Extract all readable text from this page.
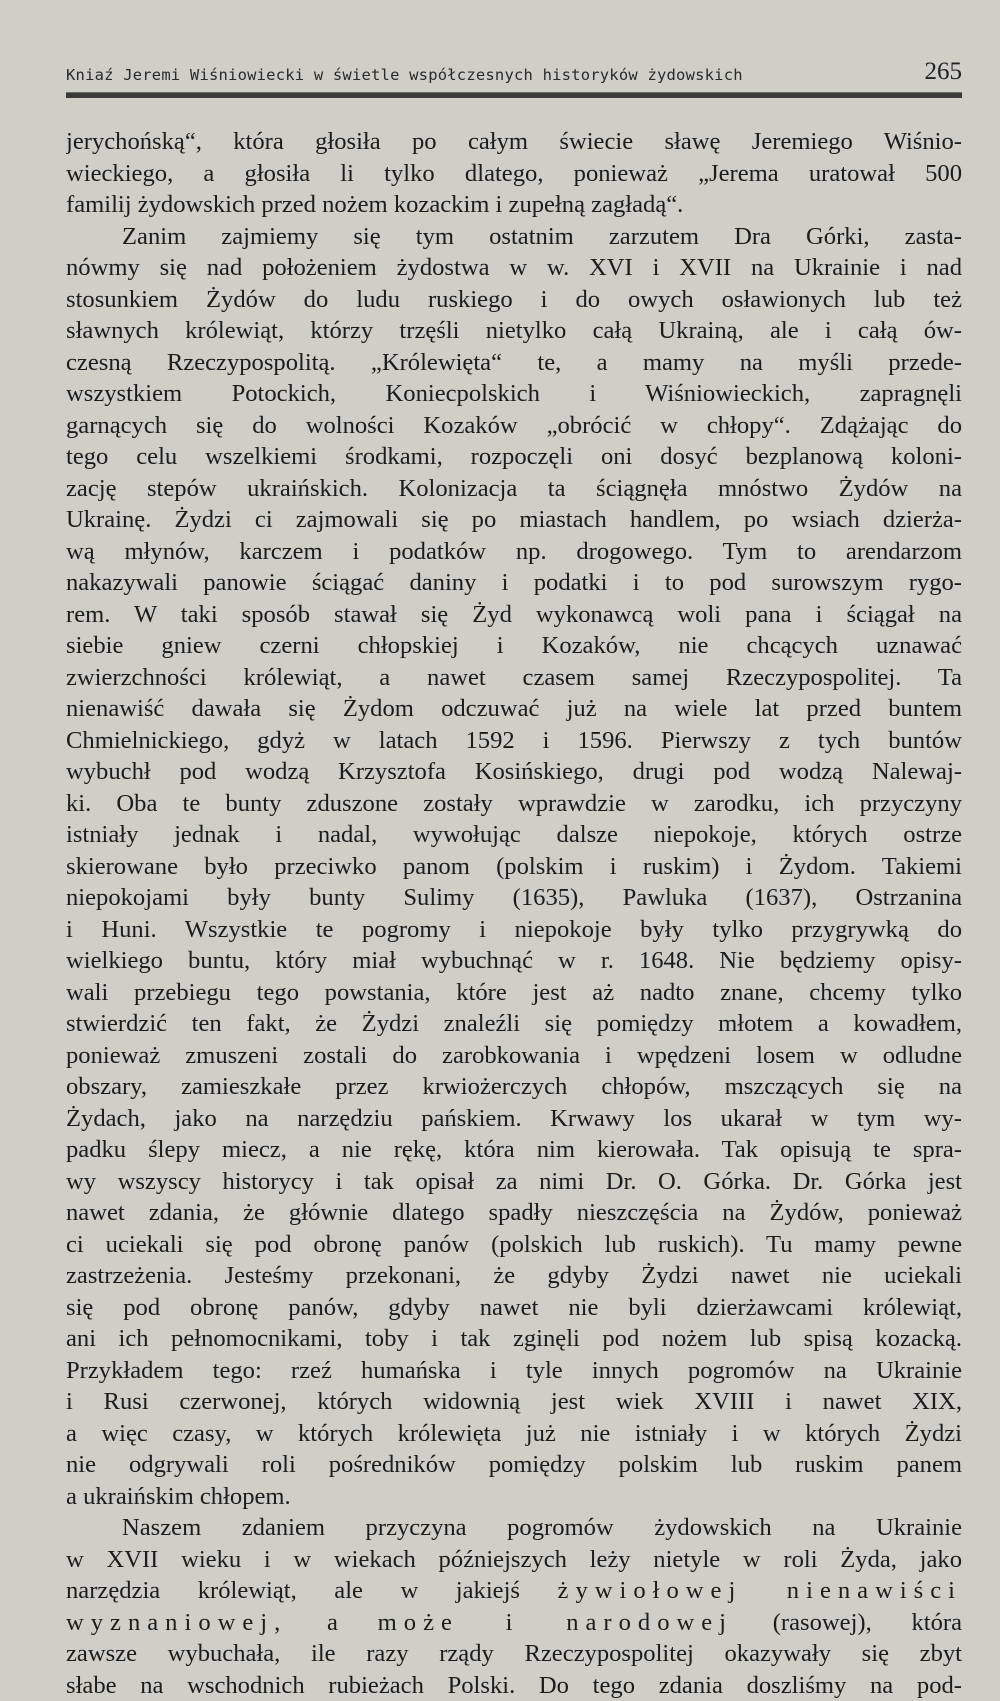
Kniaź Jeremi Wiśniowiecki w świetle współczesnych historyków żydowskich	265
jerychońską“, która głosiła po całym świecie sławę Jeremiego Wiśnio-
wieckiego, a głosiła li tylko dlatego, ponieważ „Jerema uratował 500
familij żydowskich przed nożem kozackim i zupełną zagładą“.
Zanim zajmiemy się tym ostatnim zarzutem Dra Górki, zasta-
nówmy się nad położeniem żydostwa w w. XVI i XVII na Ukrainie i nad
stosunkiem Żydów do ludu ruskiego i do owych osławionych lub też
sławnych królewiąt, którzy trzęśli nietylko całą Ukrainą, ale i całą ów-
czesną Rzeczypospolitą. „Królewięta“ te, a mamy na myśli przede-
wszystkiem Potockich, Koniecpolskich i Wiśniowieckich, zapragnęli
garnących się do wolności Kozaków „obrócić w chłopy“. Zdążając do
tego celu wszelkiemi środkami, rozpoczęli oni dosyć bezplanową koloni-
zację stepów ukraińskich. Kolonizacja ta ściągnęła mnóstwo Żydów na
Ukrainę. Żydzi ci zajmowali się po miastach handlem, po wsiach dzierża-
wą młynów, karczem i podatków np. drogowego. Tym to arendarzom
nakazywali panowie ściągać daniny i podatki i to pod surowszym rygo-
rem. W taki sposób stawał się Żyd wykonawcą woli pana i ściągał na
siebie gniew czerni chłopskiej i Kozaków, nie chcących uznawać
zwierzchności królewiąt, a nawet czasem samej Rzeczypospolitej. Ta
nienawiść dawała się Żydom odczuwać już na wiele lat przed buntem
Chmielnickiego, gdyż w latach 1592 i 1596. Pierwszy z tych buntów
wybuchł pod wodzą Krzysztofa Kosińskiego, drugi pod wodzą Nalewaj-
ki. Oba te bunty zduszone zostały wprawdzie w zarodku, ich przyczyny
istniały jednak i nadal, wywołując dalsze niepokoje, których ostrze
skierowane było przeciwko panom (polskim i ruskim) i Żydom. Takiemi
niepokojami były bunty Sulimy (1635), Pawluka (1637), Ostrzanina
i Huni. Wszystkie te pogromy i niepokoje były tylko przygrywką do
wielkiego buntu, który miał wybuchnąć w r. 1648. Nie będziemy opisy-
wali przebiegu tego powstania, które jest aż nadto znane, chcemy tylko
stwierdzić ten fakt, że Żydzi znaleźli się pomiędzy młotem a kowadłem,
ponieważ zmuszeni zostali do zarobkowania i wpędzeni losem w odludne
obszary, zamieszkałe przez krwiożerczych chłopów, mszczących się na
Żydach, jako na narzędziu pańskiem. Krwawy los ukarał w tym wy-
padku ślepy miecz, a nie rękę, która nim kierowała. Tak opisują te spra-
wy wszyscy historycy i tak opisał za nimi Dr. O. Górka. Dr. Górka jest
nawet zdania, że głównie dlatego spadły nieszczęścia na Żydów, ponieważ
ci uciekali się pod obronę panów (polskich lub ruskich). Tu mamy pewne
zastrzeżenia. Jesteśmy przekonani, że gdyby Żydzi nawet nie uciekali
się pod obronę panów, gdyby nawet nie byli dzierżawcami królewiąt,
ani ich pełnomocnikami, toby i tak zginęli pod nożem lub spisą kozacką.
Przykładem tego: rzeź humańska i tyle innych pogromów na Ukrainie
i Rusi czerwonej, których widownią jest wiek XVIII i nawet XIX,
a więc czasy, w których królewięta już nie istniały i w których Żydzi
nie odgrywali roli pośredników pomiędzy polskim lub ruskim panem
a ukraińskim chłopem.
Naszem zdaniem przyczyna pogromów żydowskich na Ukrainie
w XVII wieku i w wiekach późniejszych leży nietyle w roli Żyda, jako
narzędzia królewiąt, ale w jakiejś żywiołowej nienawiści
wyznaniowej, a może i narodowej (rasowej), która
zawsze wybuchała, ile razy rządy Rzeczypospolitej okazywały się zbyt
słabe na wschodnich rubieżach Polski. Do tego zdania doszliśmy na pod-
